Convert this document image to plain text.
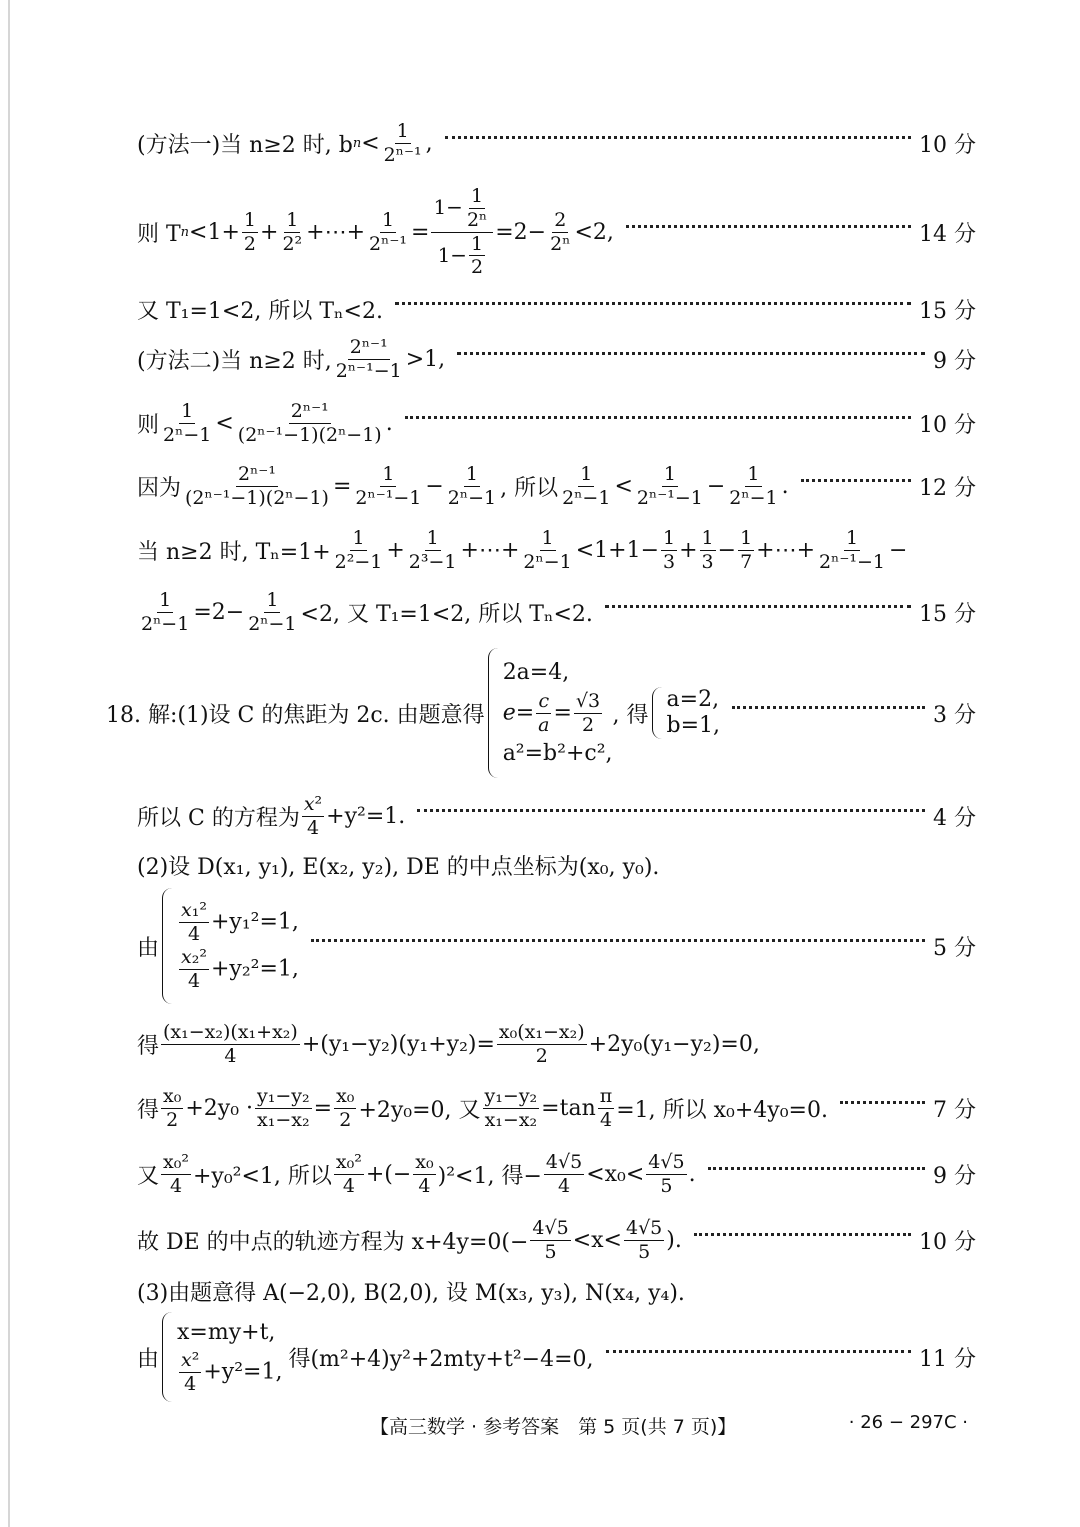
(方法一)当 n≥2 时, b $n < \frac{1}{\text{2ⁿ⁻¹}}$ ,	10 分
则 T $n <1+ \frac{1}{2} + \frac{1}{\text{2²}}$ +⋯+ $\frac{1}{\text{2ⁿ⁻¹}} = \frac{1- \frac{1}{\text{2ⁿ}}}{1- \frac{1}{2}} =2- \frac{2}{\text{2ⁿ}} <2$,	14 分
又 T₁=1<2, 所以 Tₙ<2.	15 分
(方法二)当 n≥2 时, $\frac{\text{2ⁿ⁻¹}}{\text{2ⁿ⁻¹−1}} >1$,	9 分
则 $\frac{1}{\text{2ⁿ−1}} < \frac{\text{2ⁿ⁻¹}}{\text{(2ⁿ⁻¹−1)(2ⁿ−1)}}$ .	10 分
因为 $\frac{\text{2ⁿ⁻¹}}{\text{(2ⁿ⁻¹−1)(2ⁿ−1)}} = \frac{1}{\text{2ⁿ⁻¹−1}} - \frac{1}{\text{2ⁿ−1}}$ , 所以 $\frac{1}{\text{2ⁿ−1}} < \frac{1}{\text{2ⁿ⁻¹−1}} - \frac{1}{\text{2ⁿ−1}}$ .	12 分
当 n≥2 时, $T_n=1+ \frac{1}{\text{2²−1}} + \frac{1}{\text{2³−1}}$ +⋯+ $\frac{1}{\text{2ⁿ−1}} <1+1- \frac{1}{3} + \frac{1}{3} - \frac{1}{7}$ +⋯+ $\frac{1}{\text{2ⁿ⁻¹−1}}$ −
$\frac{1}{\text{2ⁿ−1}} =2- \frac{1}{\text{2ⁿ−1}} <2$, 又 T₁=1<2, 所以 Tₙ<2.	15 分
18. 解:(1)设 C 的焦距为 2c. 由题意得
2a=4,
$e= \frac{c}{a} = \frac{√3}{2}$
a²=b²+c²,
, 得
a=2,
b=1,	3 分
所以 C 的方程为 $\frac{\text{x²}}{4} +y^2=1$.	4 分
(2)设 D(x₁, y₁), E(x₂, y₂), DE 的中点坐标为(x₀, y₀).
由
$\frac{\text{x₁²}}{4} +y_1^2=1$,
$\frac{\text{x₂²}}{4} +y_2^2=1$,
5 分
得 $\frac{\text{(x₁−x₂)(x₁+x₂)}}{4} +(y_1-y_2)(y_1+y_2)= \frac{\text{x₀(x₁−x₂)}}{2} +2y_0(y_1-y_2)=0$,
得 $\frac{\text{x₀}}{2} +2y_0 \cdot \frac{\text{y₁−y₂}}{\text{x₁−x₂}} = \frac{\text{x₀}}{2} +2y_0=0$, 又 $\frac{\text{y₁−y₂}}{\text{x₁−x₂}} =\tan \frac{\pi}{4} =1$, 所以 x₀+4y₀=0.	7 分
又 $\frac{\text{x₀²}}{4} +y_0^2<1$, 所以 $\frac{\text{x₀²}}{4}$ +(− $\frac{\text{x₀}}{4} )^2<1$, 得− $\frac{4√5}{4} <x_0< \frac{4√5}{5}$ .	9 分
故 DE 的中点的轨迹方程为 $x+4y=0(- \frac{4√5}{5} <x< \frac{4√5}{5}$ ).	10 分
(3)由题意得 A(−2,0), B(2,0), 设 M(x₃, y₃), N(x₄, y₄).
由
x=my+t,
$\frac{\text{x²}}{4} +y^2=1$,
得(m²+4)y²+2mty+t²−4=0,	11 分
【高三数学 · 参考答案　第 5 页(共 7 页)】	· 26 − 297C ·
